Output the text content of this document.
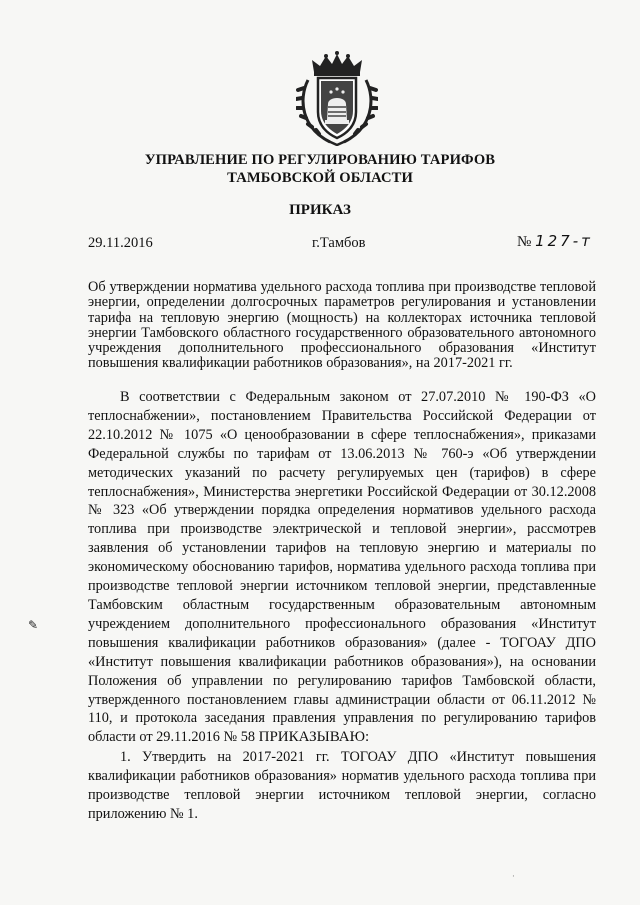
УПРАВЛЕНИЕ ПО РЕГУЛИРОВАНИЮ ТАРИФОВ
ТАМБОВСКОЙ ОБЛАСТИ
ПРИКАЗ
29.11.2016	г.Тамбов	№ 127-т
Об утверждении норматива удельного расхода топлива при производстве тепловой энергии, определении долгосрочных параметров регулирования и установлении тарифа на тепловую энергию (мощность) на коллекторах источника тепловой энергии Тамбовского областного государственного образовательного автономного учреждения дополнительного профессионального образования «Институт повышения квалификации работников образования», на 2017-2021 гг.
В соответствии с Федеральным законом от 27.07.2010 № 190-ФЗ «О теплоснабжении», постановлением Правительства Российской Федерации от 22.10.2012 № 1075 «О ценообразовании в сфере теплоснабжения», приказами Федеральной службы по тарифам от 13.06.2013 № 760-э «Об утверждении методических указаний по расчету регулируемых цен (тарифов) в сфере теплоснабжения», Министерства энергетики Российской Федерации от 30.12.2008 № 323 «Об утверждении порядка определения нормативов удельного расхода топлива при производстве электрической и тепловой энергии», рассмотрев заявления об установлении тарифов на тепловую энергию и материалы по экономическому обоснованию тарифов, норматива удельного расхода топлива при производстве тепловой энергии источником тепловой энергии, представленные Тамбовским областным государственным образовательным автономным учреждением дополнительного профессионального образования «Институт повышения квалификации работников образования» (далее - ТОГОАУ ДПО «Институт повышения квалификации работников образования»), на основании Положения об управлении по регулированию тарифов Тамбовской области, утвержденного постановлением главы администрации области от 06.11.2012 № 110, и протокола заседания правления управления по регулированию тарифов области от 29.11.2016 № 58 ПРИКАЗЫВАЮ:
1. Утвердить на 2017-2021 гг. ТОГОАУ ДПО «Институт повышения квалификации работников образования» норматив удельного расхода топлива при производстве тепловой энергии источником тепловой энергии, согласно приложению № 1.
✎
·
